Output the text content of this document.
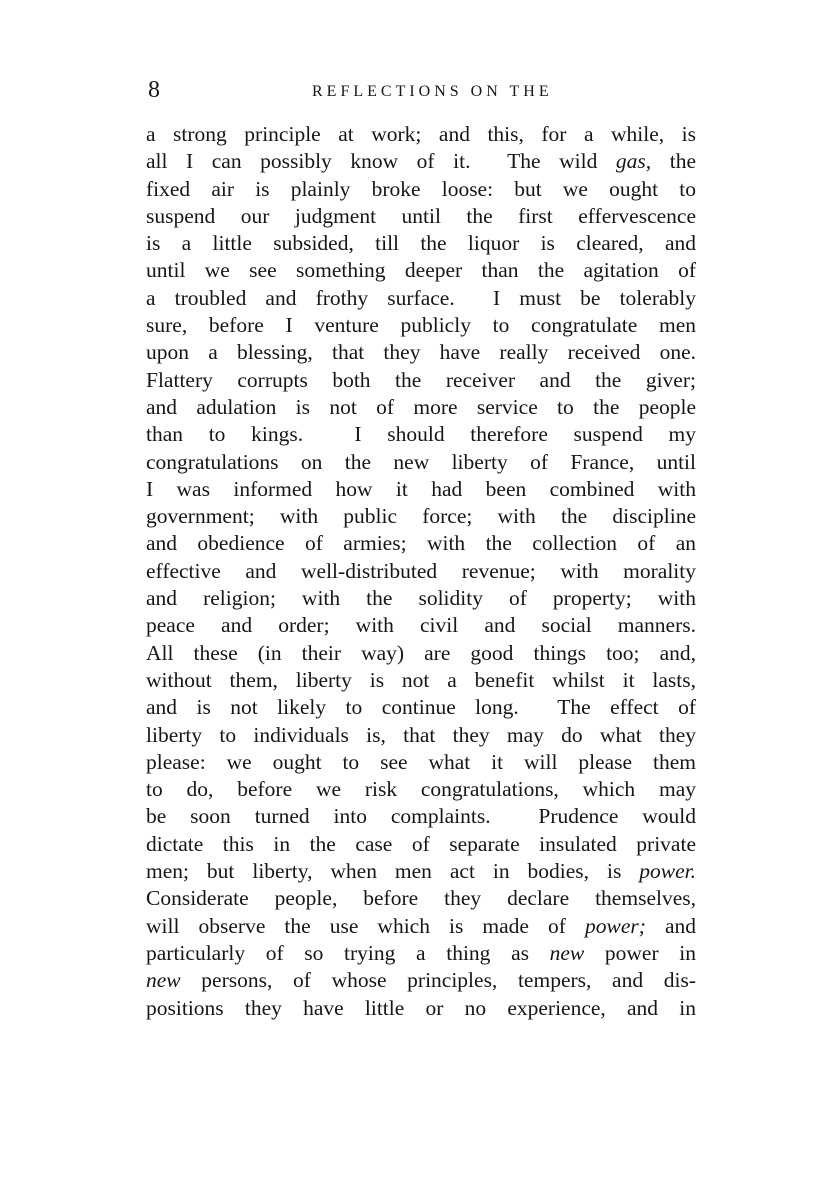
8	REFLECTIONS ON THE
a strong principle at work; and this, for a while, is
all I can possibly know of it.  The wild gas, the
fixed air is plainly broke loose: but we ought to
suspend our judgment until the first effervescence
is a little subsided, till the liquor is cleared, and
until we see something deeper than the agitation of
a troubled and frothy surface.  I must be tolerably
sure, before I venture publicly to congratulate men
upon a blessing, that they have really received one.
Flattery corrupts both the receiver and the giver;
and adulation is not of more service to the people
than to kings.  I should therefore suspend my
congratulations on the new liberty of France, until
I was informed how it had been combined with
government; with public force; with the discipline
and obedience of armies; with the collection of an
effective and well-distributed revenue; with morality
and religion; with the solidity of property; with
peace and order; with civil and social manners.
All these (in their way) are good things too; and,
without them, liberty is not a benefit whilst it lasts,
and is not likely to continue long.  The effect of
liberty to individuals is, that they may do what they
please: we ought to see what it will please them
to do, before we risk congratulations, which may
be soon turned into complaints.  Prudence would
dictate this in the case of separate insulated private
men; but liberty, when men act in bodies, is power.
Considerate people, before they declare themselves,
will observe the use which is made of power; and
particularly of so trying a thing as new power in
new persons, of whose principles, tempers, and dis-
positions they have little or no experience, and in
